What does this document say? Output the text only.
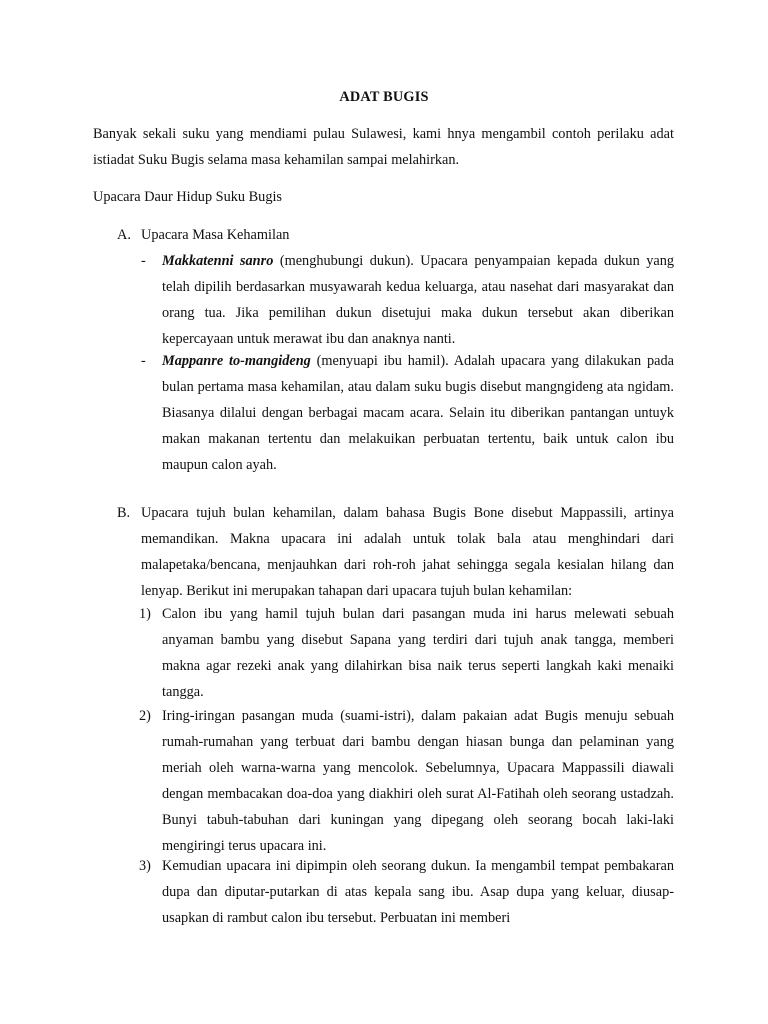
ADAT BUGIS
Banyak sekali suku yang mendiami pulau Sulawesi, kami hnya mengambil contoh perilaku adat istiadat Suku Bugis selama masa kehamilan sampai melahirkan.
Upacara Daur Hidup Suku Bugis
A. Upacara Masa Kehamilan
- Makkatenni sanro (menghubungi dukun). Upacara penyampaian kepada dukun yang telah dipilih berdasarkan musyawarah kedua keluarga, atau nasehat dari masyarakat dan orang tua. Jika pemilihan dukun disetujui maka dukun tersebut akan diberikan kepercayaan untuk merawat ibu dan anaknya nanti.
- Mappanre to-mangideng (menyuapi ibu hamil). Adalah upacara yang dilakukan pada bulan pertama masa kehamilan, atau dalam suku bugis disebut mangngideng ata ngidam. Biasanya dilalui dengan berbagai macam acara. Selain itu diberikan pantangan untuyk makan makanan tertentu dan melakuikan perbuatan tertentu, baik untuk calon ibu maupun calon ayah.
B. Upacara tujuh bulan kehamilan, dalam bahasa Bugis Bone disebut Mappassili, artinya memandikan. Makna upacara ini adalah untuk tolak bala atau menghindari dari malapetaka/bencana, menjauhkan dari roh-roh jahat sehingga segala kesialan hilang dan lenyap. Berikut ini merupakan tahapan dari upacara tujuh bulan kehamilan:
1) Calon ibu yang hamil tujuh bulan dari pasangan muda ini harus melewati sebuah anyaman bambu yang disebut Sapana yang terdiri dari tujuh anak tangga, memberi makna agar rezeki anak yang dilahirkan bisa naik terus seperti langkah kaki menaiki tangga.
2) Iring-iringan pasangan muda (suami-istri), dalam pakaian adat Bugis menuju sebuah rumah-rumahan yang terbuat dari bambu dengan hiasan bunga dan pelaminan yang meriah oleh warna-warna yang mencolok. Sebelumnya, Upacara Mappassili diawali dengan membacakan doa-doa yang diakhiri oleh surat Al-Fatihah oleh seorang ustadzah. Bunyi tabuh-tabuhan dari kuningan yang dipegang oleh seorang bocah laki-laki mengiringi terus upacara ini.
3) Kemudian upacara ini dipimpin oleh seorang dukun. Ia mengambil tempat pembakaran dupa dan diputar-putarkan di atas kepala sang ibu. Asap dupa yang keluar, diusap-usapkan di rambut calon ibu tersebut. Perbuatan ini memberi
